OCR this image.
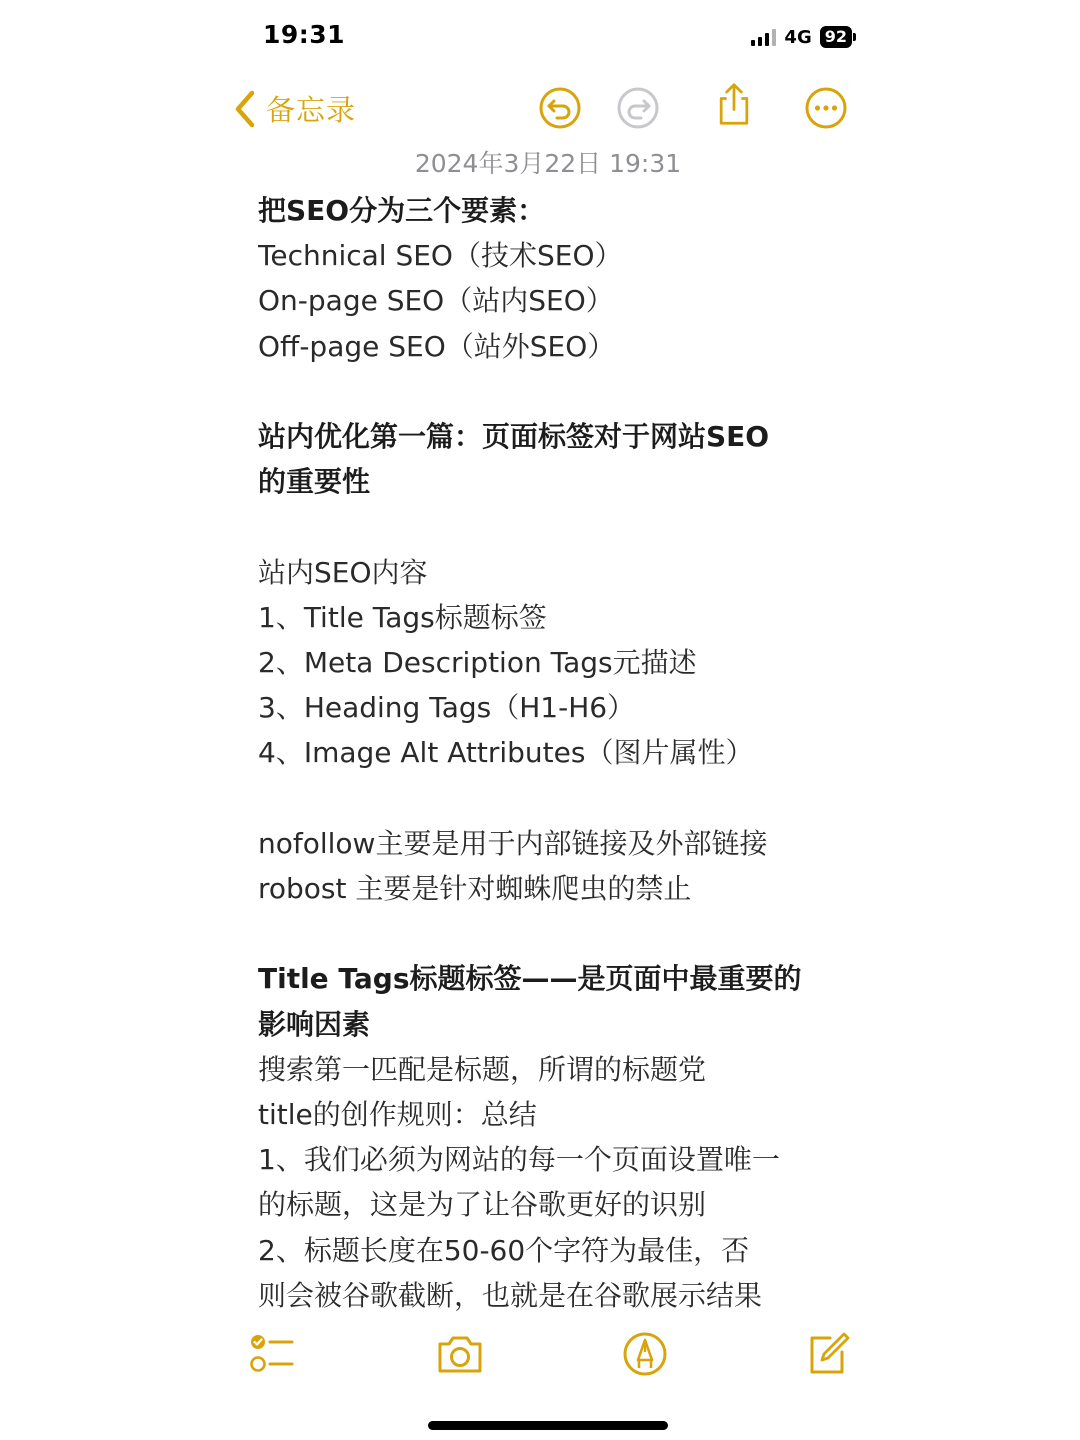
19:31	4G 92
备忘录
2024年3月22日 19:31

把SEO分为三个要素：

Technical SEO（技术SEO）

On-page SEO（站内SEO）

Off-page SEO（站外SEO）

站内优化第一篇：页面标签对于网站SEO

的重要性

站内SEO内容

1、Title Tags标题标签

2、Meta Description Tags元描述

3、Heading Tags（H1-H6）

4、Image Alt Attributes（图片属性）

nofollow主要是用于内部链接及外部链接

robost 主要是针对蜘蛛爬虫的禁止

Title Tags标题标签——是页面中最重要的

影响因素

搜索第一匹配是标题，所谓的标题党

title的创作规则：总结

1、我们必须为网站的每一个页面设置唯一

的标题，这是为了让谷歌更好的识别

2、标题长度在50-60个字符为最佳，否

则会被谷歌截断，也就是在谷歌展示结果
